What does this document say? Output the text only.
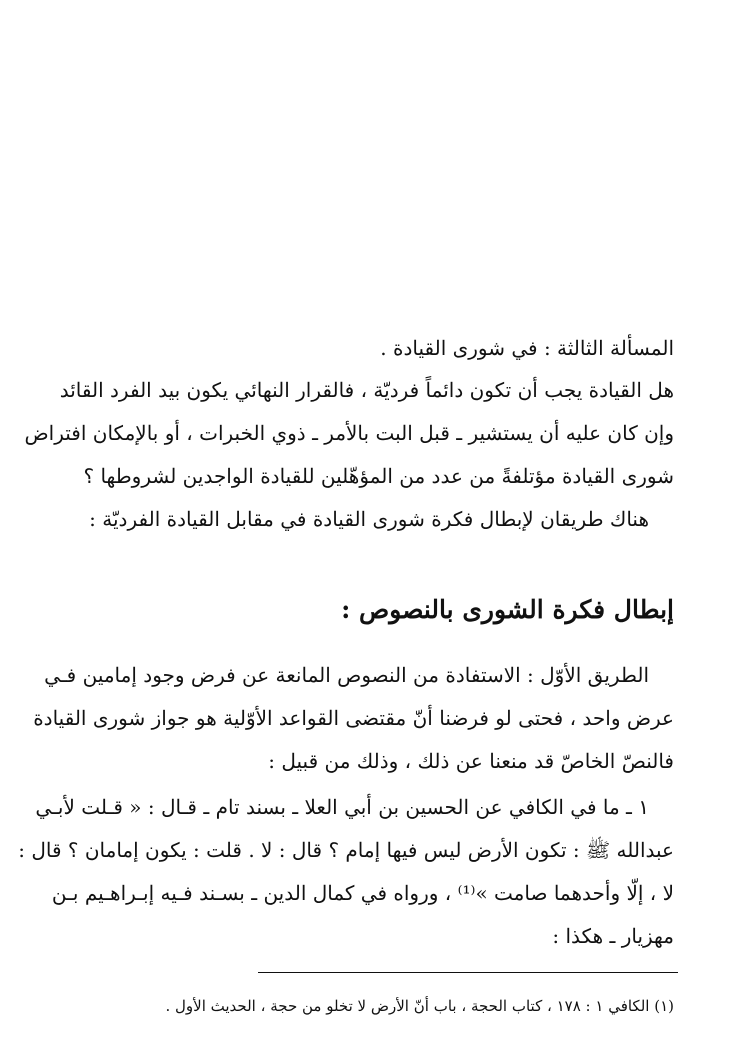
المسألة الثالثة : في شورى القيادة .
هل القيادة يجب أن تكون دائماً فرديّة ، فالقرار النهائي يكون بيد الفرد القائد
وإن كان عليه أن يستشير ـ قبل البت بالأمر ـ ذوي الخبرات ، أو بالإمكان افتراض
شورى القيادة مؤتلفةً من عدد من المؤهّلين للقيادة الواجدين لشروطها ؟
هناك طريقان لإبطال فكرة شورى القيادة في مقابل القيادة الفرديّة :
إبطال فكرة الشورى بالنصوص :
الطريق الأوّل : الاستفادة من النصوص المانعة عن فرض وجود إمامين فـي
عرض واحد ، فحتى لو فرضنا أنّ مقتضى القواعد الأوّلية هو جواز شورى القيادة
فالنصّ الخاصّ قد منعنا عن ذلك ، وذلك من قبيل :
١ ـ ما في الكافي عن الحسين بن أبي العلا ـ بسند تام ـ قـال : « قـلت لأبـي
عبدالله ﷺ : تكون الأرض ليس فيها إمام ؟ قال : لا . قلت : يكون إمامان ؟ قال :
لا ، إلّا وأحدهما صامت »⁽¹⁾ ، ورواه في كمال الدين ـ بسـند فـيه إبـراهـيم بـن
مهزيار ـ هكذا :
(١) الكافي ١ : ١٧٨ ، كتاب الحجة ، باب أنّ الأرض لا تخلو من حجة ، الحديث الأول .
